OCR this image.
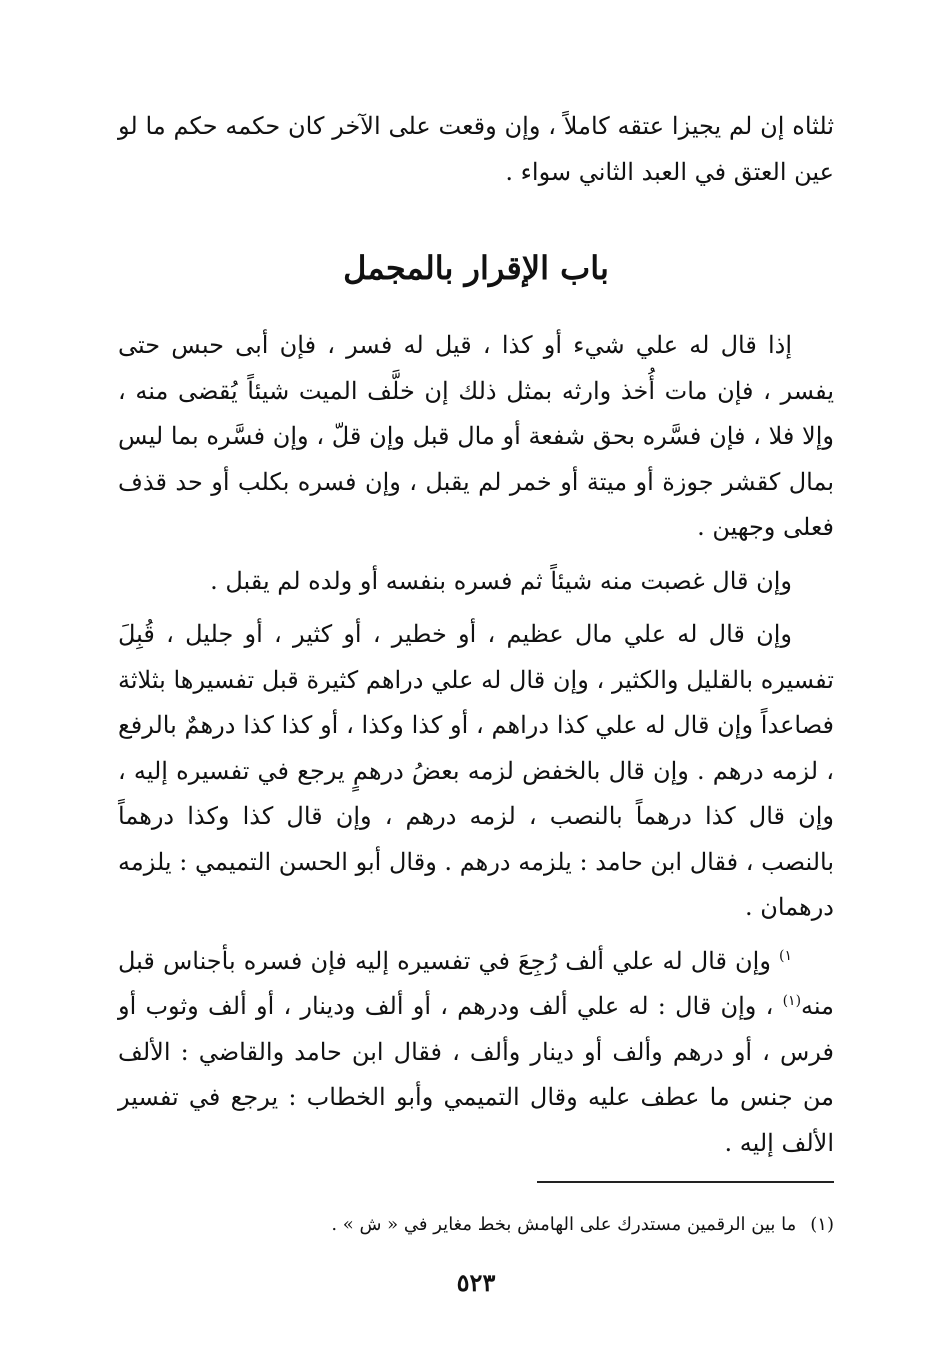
ثلثاه إن لم يجيزا عتقه كاملاً ، وإن وقعت على الآخر كان حكمه حكم ما لو عين العتق في العبد الثاني سواء .

باب الإقرار بالمجمل

إذا قال له علي شيء أو كذا ، قيل له فسر ، فإن أبى حبس حتى يفسر ، فإن مات أُخذ وارثه بمثل ذلك إن خلَّف الميت شيئاً يُقضى منه ، وإلا فلا ، فإن فسَّره بحق شفعة أو مال قبل وإن قلّ ، وإن فسَّره بما ليس بمال كقشر جوزة أو ميتة أو خمر لم يقبل ، وإن فسره بكلب أو حد قذف فعلى وجهين .

وإن قال غصبت منه شيئاً ثم فسره بنفسه أو ولده لم يقبل .

وإن قال له علي مال عظيم ، أو خطير ، أو كثير ، أو جليل ، قُبِلَ تفسيره بالقليل والكثير ، وإن قال له علي دراهم كثيرة قبل تفسيرها بثلاثة فصاعداً وإن قال له علي كذا دراهم ، أو كذا وكذا ، أو كذا كذا درهمٌ بالرفع ، لزمه درهم . وإن قال بالخفض لزمه بعضُ درهمٍ يرجع في تفسيره إليه ، وإن قال كذا درهماً بالنصب ، لزمه درهم ، وإن قال كذا وكذا درهماً بالنصب ، فقال ابن حامد : يلزمه درهم . وقال أبو الحسن التميمي : يلزمه درهمان .

$^{١)}$ وإن قال له علي ألف رُجِعَ في تفسيره إليه فإن فسره بأجناس قبل منه$^{(١)}$ ، وإن قال : له علي ألف ودرهم ، أو ألف ودينار ، أو ألف وثوب أو فرس ، أو درهم وألف أو دينار وألف ، فقال ابن حامد والقاضي : الألف من جنس ما عطف عليه وقال التميمي وأبو الخطاب : يرجع في تفسير الألف إليه .

(١)ما بين الرقمين مستدرك على الهامش بخط مغاير في « ش » .
٥٢٣
